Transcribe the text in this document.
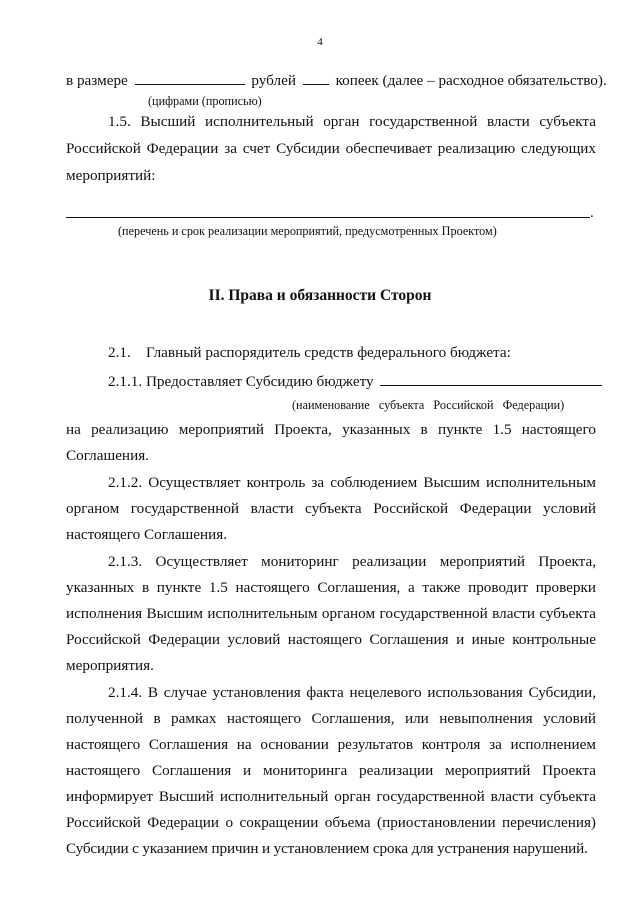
4
в размере	рублей	копеек (далее – расходное обязательство).
(цифрами (прописью)
1.5. Высший исполнительный орган государственной власти субъекта
Российской Федерации за счет Субсидии обеспечивает реализацию следующих
мероприятий:
.
(перечень и срок реализации мероприятий, предусмотренных Проектом)
II. Права и обязанности Сторон
2.1.    Главный распорядитель средств федерального бюджета:
2.1.1. Предоставляет Субсидию бюджету
(наименование   субъекта   Российской   Федерации)
на реализацию мероприятий Проекта, указанных в пункте 1.5 настоящего
Соглашения.
2.1.2. Осуществляет контроль за соблюдением Высшим исполнительным
органом государственной власти субъекта Российской Федерации условий
настоящего Соглашения.
2.1.3. Осуществляет мониторинг реализации мероприятий Проекта,
указанных в пункте 1.5 настоящего Соглашения, а также проводит проверки
исполнения Высшим исполнительным органом государственной власти субъекта
Российской Федерации условий настоящего Соглашения и иные контрольные
мероприятия.
2.1.4. В случае установления факта нецелевого использования Субсидии,
полученной в рамках настоящего Соглашения, или невыполнения условий
настоящего Соглашения на основании результатов контроля за исполнением
настоящего Соглашения и мониторинга реализации мероприятий Проекта
информирует Высший исполнительный орган государственной власти субъекта
Российской Федерации о сокращении объема (приостановлении перечисления)
Субсидии с указанием причин и установлением срока для устранения нарушений.
